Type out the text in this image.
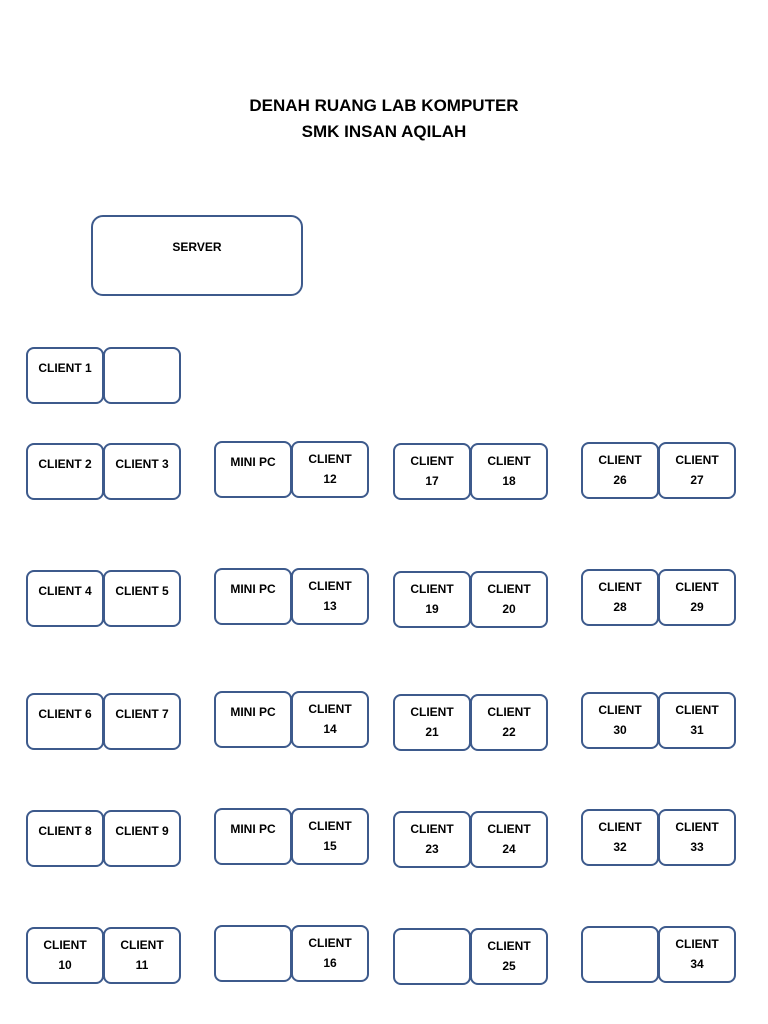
DENAH RUANG LAB KOMPUTER
SMK INSAN AQILAH
SERVER
CLIENT 1
CLIENT 2	CLIENT 3	MINI PC	CLIENT
12
CLIENT
17
CLIENT
18
CLIENT
26
CLIENT
27
CLIENT 4	CLIENT 5	MINI PC	CLIENT
13
CLIENT
19
CLIENT
20
CLIENT
28
CLIENT
29
CLIENT 6	CLIENT 7	MINI PC	CLIENT
14
CLIENT
21
CLIENT
22
CLIENT
30
CLIENT
31
CLIENT 8	CLIENT 9	MINI PC	CLIENT
15
CLIENT
23
CLIENT
24
CLIENT
32
CLIENT
33
CLIENT
10
CLIENT
11
CLIENT
16
CLIENT
25
CLIENT
34
